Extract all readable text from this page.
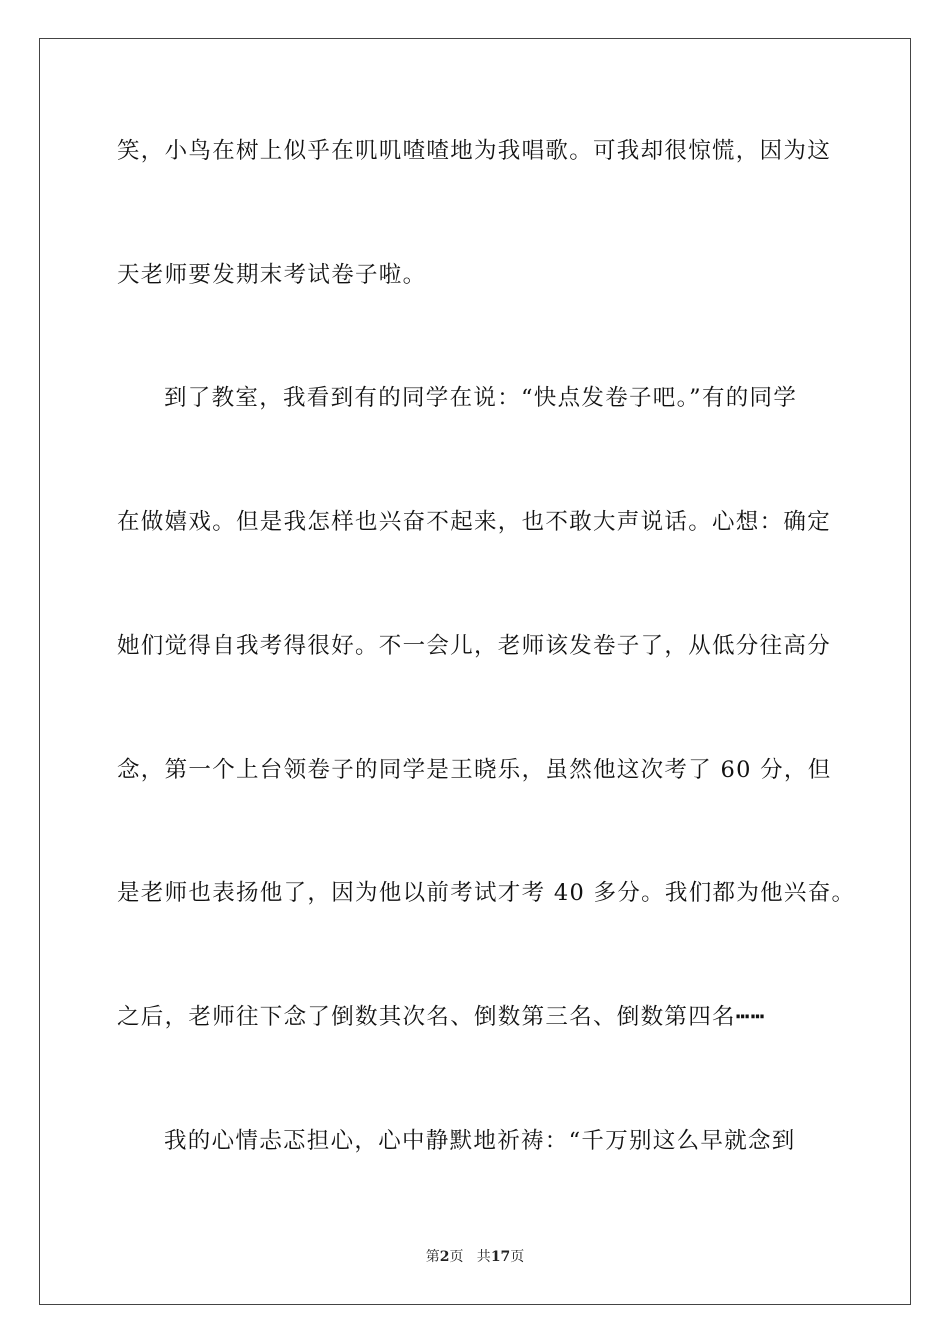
笑，小鸟在树上似乎在叽叽喳喳地为我唱歌。可我却很惊慌，因为这
天老师要发期末考试卷子啦。
到了教室，我看到有的同学在说：“快点发卷子吧。”有的同学
在做嬉戏。但是我怎样也兴奋不起来，也不敢大声说话。心想：确定
她们觉得自我考得很好。不一会儿，老师该发卷子了，从低分往高分
念，第一个上台领卷子的同学是王晓乐，虽然他这次考了 60 分，但
是老师也表扬他了，因为他以前考试才考 40 多分。我们都为他兴奋。
之后，老师往下念了倒数其次名、倒数第三名、倒数第四名┅┅
我的心情忐忑担心，心中静默地祈祷：“千万别这么早就念到
第2页   共17页
